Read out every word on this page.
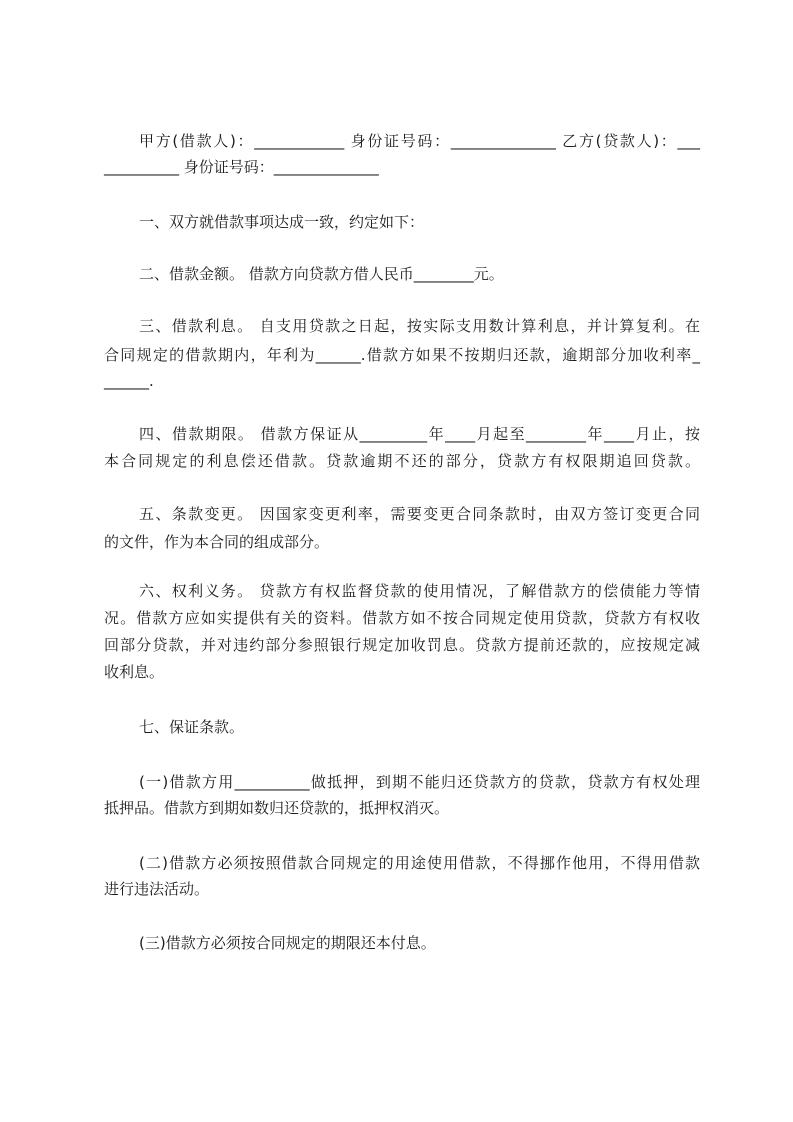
甲方(借款人)：____________ 身份证号码：______________ 乙方(贷款人)：___

__________ 身份证号码：______________

一、双方就借款事项达成一致，约定如下：

二、借款金额。 借款方向贷款方借人民币________元。

三、借款利息。 自支用贷款之日起，按实际支用数计算利息，并计算复利。在

合同规定的借款期内，年利为______.借款方如果不按期归还款，逾期部分加收利率_

______.

四、借款期限。 借款方保证从_________年____月起至________年____月止，按

本合同规定的利息偿还借款。贷款逾期不还的部分，贷款方有权限期追回贷款。

五、条款变更。 因国家变更利率，需要变更合同条款时，由双方签订变更合同

的文件，作为本合同的组成部分。

六、权利义务。 贷款方有权监督贷款的使用情况，了解借款方的偿债能力等情

况。借款方应如实提供有关的资料。借款方如不按合同规定使用贷款，贷款方有权收

回部分贷款，并对违约部分参照银行规定加收罚息。贷款方提前还款的，应按规定减

收利息。

七、保证条款。

(一)借款方用__________做抵押，到期不能归还贷款方的贷款，贷款方有权处理

抵押品。借款方到期如数归还贷款的，抵押权消灭。

(二)借款方必须按照借款合同规定的用途使用借款，不得挪作他用，不得用借款

进行违法活动。

(三)借款方必须按合同规定的期限还本付息。
